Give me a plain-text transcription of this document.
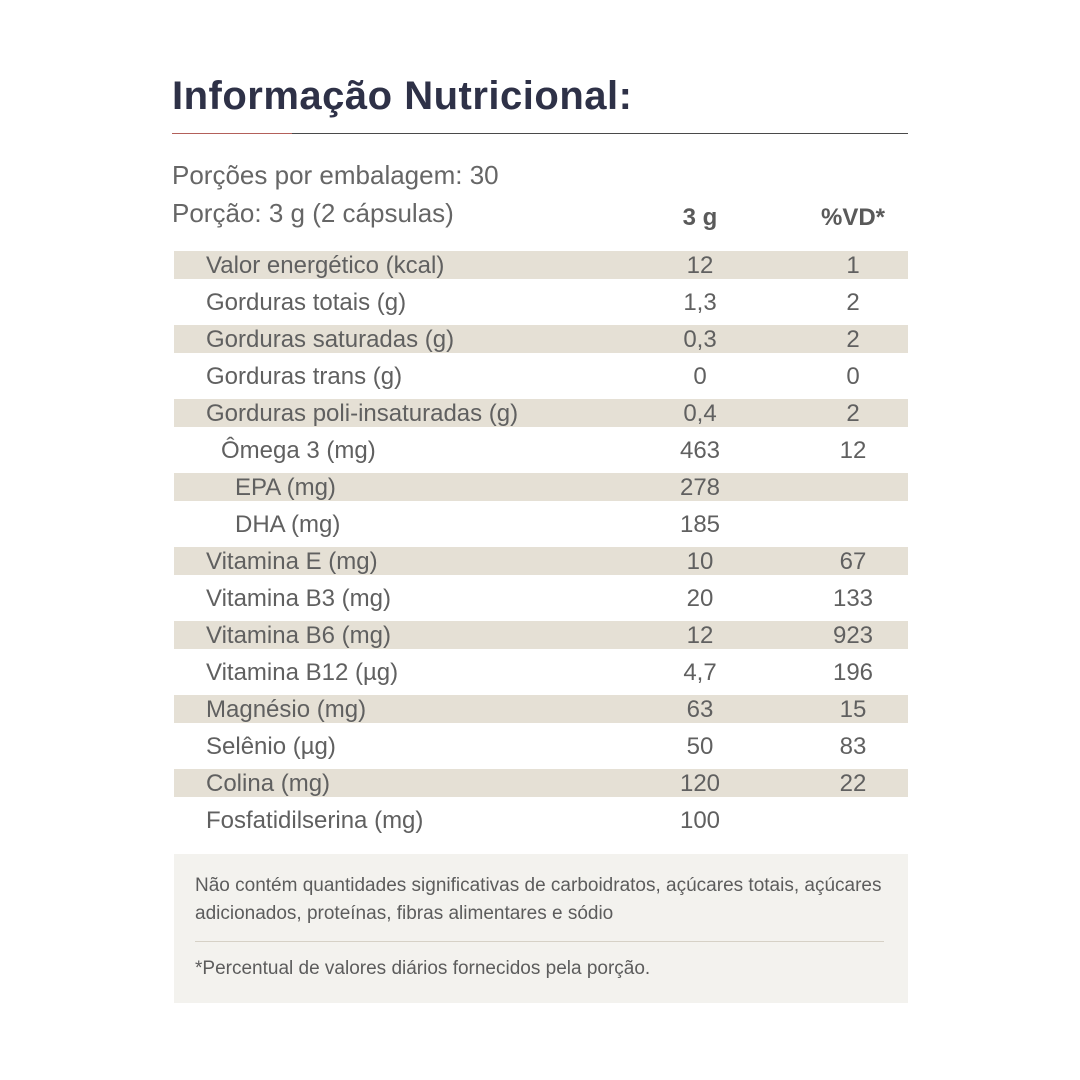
Informação Nutricional:

Porções por embalagem: 30

Porção: 3 g (2 cápsulas)	3 g	%VD*
Valor energético (kcal)	12	1
Gorduras totais (g)	1,3	2
Gorduras saturadas (g)	0,3	2
Gorduras trans (g)	0	0
Gorduras poli-insaturadas (g)	0,4	2
Ômega 3 (mg)	463	12
EPA (mg)	278
DHA (mg)	185
Vitamina E (mg)	10	67
Vitamina B3 (mg)	20	133
Vitamina B6 (mg)	12	923
Vitamina B12 (µg)	4,7	196
Magnésio (mg)	63	15
Selênio (µg)	50	83
Colina (mg)	120	22
Fosfatidilserina (mg)	100

Não contém quantidades significativas de carboidratos, açúcares totais, açúcares adicionados, proteínas, fibras alimentares e sódio

*Percentual de valores diários fornecidos pela porção.
